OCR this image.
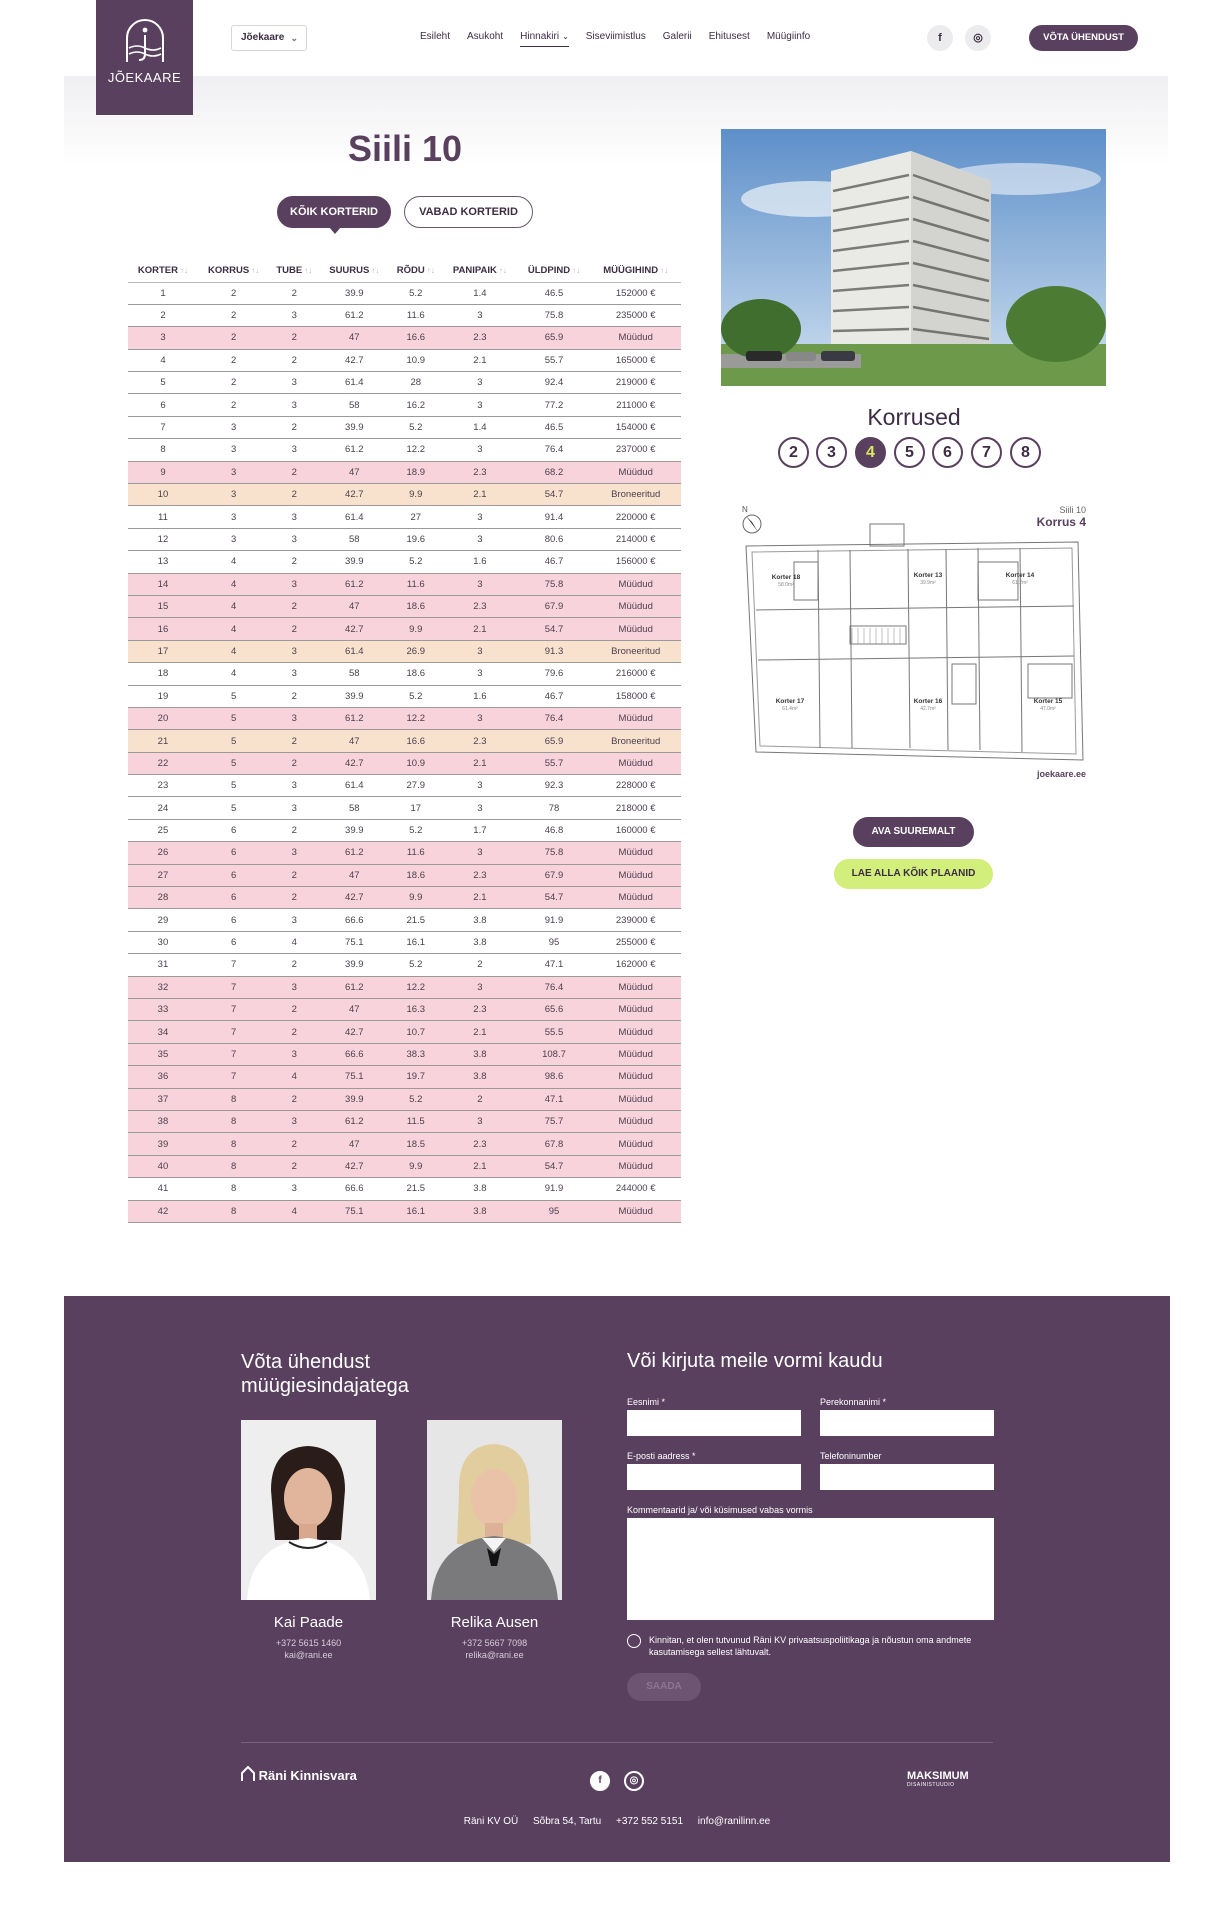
JÕEKAARE
Jõekaare ⌄	Esileht Asukoht Hinnakiri ⌄ Siseviimistlus Galerii Ehitusest Müügiinfo	f	◎	VÕTA ÜHENDUST
Siili 10
KÕIK KORTERID	VABAD KORTERID
KORTER ↑↓	KORRUS ↑↓	TUBE ↑↓	SUURUS ↑↓	RÕDU ↑↓	PANIPAIK ↑↓	ÜLDPIND ↑↓	MÜÜGIHIND ↑↓
1	2	2	39.9	5.2	1.4	46.5	152000 €
2	2	3	61.2	11.6	3	75.8	235000 €
3	2	2	47	16.6	2.3	65.9	Müüdud
4	2	2	42.7	10.9	2.1	55.7	165000 €
5	2	3	61.4	28	3	92.4	219000 €
6	2	3	58	16.2	3	77.2	211000 €
7	3	2	39.9	5.2	1.4	46.5	154000 €
8	3	3	61.2	12.2	3	76.4	237000 €
9	3	2	47	18.9	2.3	68.2	Müüdud
10	3	2	42.7	9.9	2.1	54.7	Broneeritud
11	3	3	61.4	27	3	91.4	220000 €
12	3	3	58	19.6	3	80.6	214000 €
13	4	2	39.9	5.2	1.6	46.7	156000 €
14	4	3	61.2	11.6	3	75.8	Müüdud
15	4	2	47	18.6	2.3	67.9	Müüdud
16	4	2	42.7	9.9	2.1	54.7	Müüdud
17	4	3	61.4	26.9	3	91.3	Broneeritud
18	4	3	58	18.6	3	79.6	216000 €
19	5	2	39.9	5.2	1.6	46.7	158000 €
20	5	3	61.2	12.2	3	76.4	Müüdud
21	5	2	47	16.6	2.3	65.9	Broneeritud
22	5	2	42.7	10.9	2.1	55.7	Müüdud
23	5	3	61.4	27.9	3	92.3	228000 €
24	5	3	58	17	3	78	218000 €
25	6	2	39.9	5.2	1.7	46.8	160000 €
26	6	3	61.2	11.6	3	75.8	Müüdud
27	6	2	47	18.6	2.3	67.9	Müüdud
28	6	2	42.7	9.9	2.1	54.7	Müüdud
29	6	3	66.6	21.5	3.8	91.9	239000 €
30	6	4	75.1	16.1	3.8	95	255000 €
31	7	2	39.9	5.2	2	47.1	162000 €
32	7	3	61.2	12.2	3	76.4	Müüdud
33	7	2	47	16.3	2.3	65.6	Müüdud
34	7	2	42.7	10.7	2.1	55.5	Müüdud
35	7	3	66.6	38.3	3.8	108.7	Müüdud
36	7	4	75.1	19.7	3.8	98.6	Müüdud
37	8	2	39.9	5.2	2	47.1	Müüdud
38	8	3	61.2	11.5	3	75.7	Müüdud
39	8	2	47	18.5	2.3	67.8	Müüdud
40	8	2	42.7	9.9	2.1	54.7	Müüdud
41	8	3	66.6	21.5	3.8	91.9	244000 €
42	8	4	75.1	16.1	3.8	95	Müüdud
Korrused
2	3	4	5	6	7	8
N	Siili 10
Korrus 4
Korter 18
58.0m²
Korter 13
39.9m²
Korter 14
61.2m²
Korter 17
61.4m²
Korter 16
42.7m²
Korter 15
47.0m²
joekaare.ee
AVA SUUREMALT
LAE ALLA KÕIK PLAANID
Võta ühendust müügiesindajatega
Või kirjuta meile vormi kaudu
Kai Paade
+372 5615 1460
kai@rani.ee
Relika Ausen
+372 5667 7098
relika@rani.ee
Eesnimi *	Perekonnanimi *
E-posti aadress *	Telefoninumber
Kommentaarid ja/ või küsimused vabas vormis
Kinnitan, et olen tutvunud Räni KV privaatsuspoliitikaga ja nõustun oma andmete kasutamisega sellest lähtuvalt.
SAADA
Räni Kinnisvara	f	◎	MAKSIMUM
DISAINISTUUDIO
Räni KV OÜ Sõbra 54, Tartu +372 552 5151 info@ranilinn.ee
